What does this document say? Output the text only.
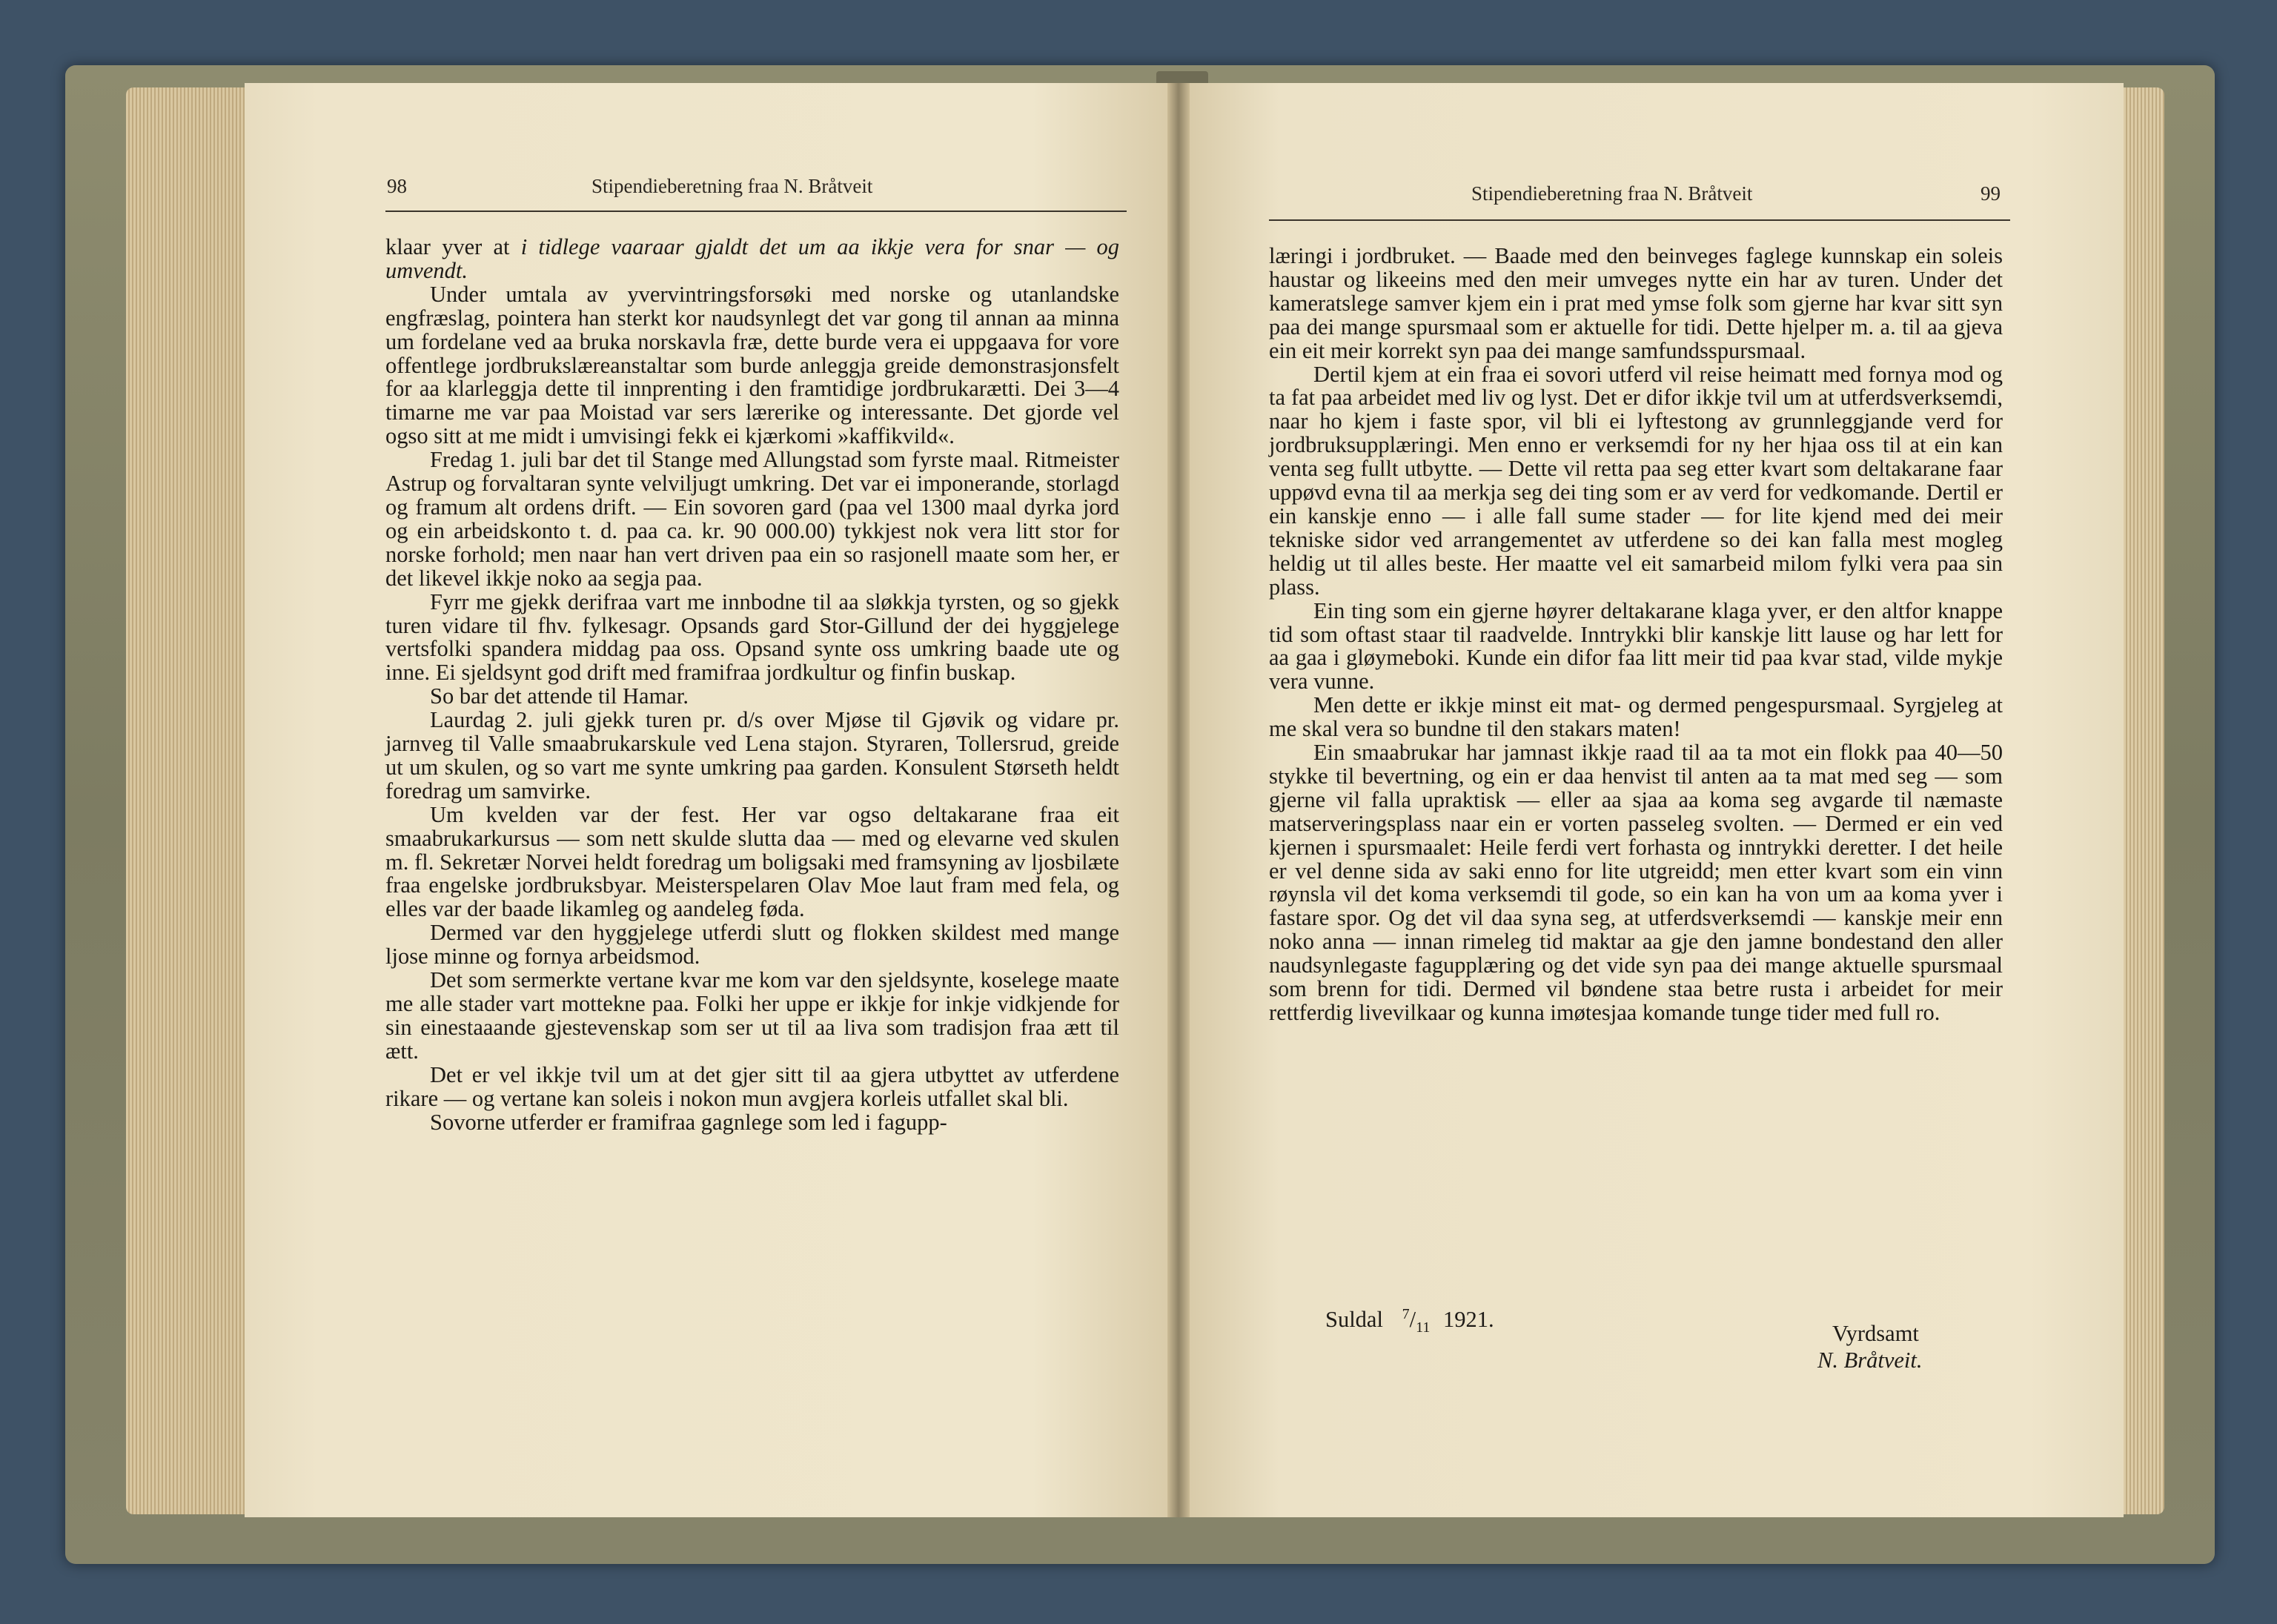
98	Stipendieberetning fraa N. Bråtveit	Stipendieberetning fraa N. Bråtveit	99

klaar yver at i tidlege vaaraar gjaldt det um aa ikkje vera for snar — og umvendt.

Under umtala av yvervintringsforsøki med norske og utanlandske engfræslag, pointera han sterkt kor naudsynlegt det var gong til annan aa minna um fordelane ved aa bruka norskavla fræ, dette burde vera ei uppgaava for vore offentlege jordbrukslæreanstaltar som burde anleggja greide demonstrasjonsfelt for aa klarleggja dette til innprenting i den framtidige jordbrukarætti. Dei 3—4 timarne me var paa Moistad var sers lærerike og interessante. Det gjorde vel ogso sitt at me midt i umvisingi fekk ei kjærkomi »kaffikvild«.

Fredag 1. juli bar det til Stange med Allungstad som fyrste maal. Ritmeister Astrup og forvaltaran synte velviljugt umkring. Det var ei imponerande, storlagd og framum alt ordens drift. — Ein sovoren gard (paa vel 1300 maal dyrka jord og ein arbeidskonto t. d. paa ca. kr. 90 000.00) tykkjest nok vera litt stor for norske forhold; men naar han vert driven paa ein so rasjonell maate som her, er det likevel ikkje noko aa segja paa.

Fyrr me gjekk derifraa vart me innbodne til aa sløkkja tyrsten, og so gjekk turen vidare til fhv. fylkesagr. Opsands gard Stor-Gillund der dei hyggjelege vertsfolki spandera middag paa oss. Opsand synte oss umkring baade ute og inne. Ei sjeldsynt god drift med framifraa jordkultur og finfin buskap.

So bar det attende til Hamar.

Laurdag 2. juli gjekk turen pr. d/s over Mjøse til Gjøvik og vidare pr. jarnveg til Valle smaabrukarskule ved Lena stajon. Styraren, Tollersrud, greide ut um skulen, og so vart me synte umkring paa garden. Konsulent Størseth heldt foredrag um samvirke.

Um kvelden var der fest. Her var ogso deltakarane fraa eit smaabrukarkursus — som nett skulde slutta daa — med og elevarne ved skulen m. fl. Sekretær Norvei heldt foredrag um boligsaki med framsyning av ljosbilæte fraa engelske jordbruksbyar. Meisterspelaren Olav Moe laut fram med fela, og elles var der baade likamleg og aandeleg føda.

Dermed var den hyggjelege utferdi slutt og flokken skildest med mange ljose minne og fornya arbeidsmod.

Det som sermerkte vertane kvar me kom var den sjeldsynte, koselege maate me alle stader vart mottekne paa. Folki her uppe er ikkje for inkje vidkjende for sin einestaaande gjestevenskap som ser ut til aa liva som tradisjon fraa ætt til ætt.

Det er vel ikkje tvil um at det gjer sitt til aa gjera utbyttet av utferdene rikare — og vertane kan soleis i nokon mun avgjera korleis utfallet skal bli.

Sovorne utferder er framifraa gagnlege som led i fagupp-

læringi i jordbruket. — Baade med den beinveges faglege kunnskap ein soleis haustar og likeeins med den meir umveges nytte ein har av turen. Under det kameratslege samver kjem ein i prat med ymse folk som gjerne har kvar sitt syn paa dei mange spursmaal som er aktuelle for tidi. Dette hjelper m. a. til aa gjeva ein eit meir korrekt syn paa dei mange samfundsspursmaal.

Dertil kjem at ein fraa ei sovori utferd vil reise heimatt med fornya mod og ta fat paa arbeidet med liv og lyst. Det er difor ikkje tvil um at utferdsverksemdi, naar ho kjem i faste spor, vil bli ei lyftestong av grunnleggjande verd for jordbruksupplæringi. Men enno er verksemdi for ny her hjaa oss til at ein kan venta seg fullt utbytte. — Dette vil retta paa seg etter kvart som deltakarane faar uppøvd evna til aa merkja seg dei ting som er av verd for vedkomande. Dertil er ein kanskje enno — i alle fall sume stader — for lite kjend med dei meir tekniske sidor ved arrangementet av utferdene so dei kan falla mest mogleg heldig ut til alles beste. Her maatte vel eit samarbeid milom fylki vera paa sin plass.

Ein ting som ein gjerne høyrer deltakarane klaga yver, er den altfor knappe tid som oftast staar til raadvelde. Inntrykki blir kanskje litt lause og har lett for aa gaa i gløymeboki. Kunde ein difor faa litt meir tid paa kvar stad, vilde mykje vera vunne.

Men dette er ikkje minst eit mat- og dermed pengespursmaal. Syrgjeleg at me skal vera so bundne til den stakars maten!

Ein smaabrukar har jamnast ikkje raad til aa ta mot ein flokk paa 40—50 stykke til bevertning, og ein er daa henvist til anten aa ta mat med seg — som gjerne vil falla upraktisk — eller aa sjaa aa koma seg avgarde til næmaste matserveringsplass naar ein er vorten passeleg svolten. — Dermed er ein ved kjernen i spursmaalet: Heile ferdi vert forhasta og inntrykki deretter. I det heile er vel denne sida av saki enno for lite utgreidd; men etter kvart som ein vinn røynsla vil det koma verksemdi til gode, so ein kan ha von um aa koma yver i fastare spor. Og det vil daa syna seg, at utferdsverksemdi — kanskje meir enn noko anna — innan rimeleg tid maktar aa gje den jamne bondestand den aller naudsynlegaste fagupplæring og det vide syn paa dei mange aktuelle spursmaal som brenn for tidi. Dermed vil bøndene staa betre rusta i arbeidet for meir rettferdig livevilkaar og kunna imøtesjaa komande tunge tider med full ro.

Suldal $^7/_{11}$ 1921.
Vyrdsamt
N. Bråtveit.
